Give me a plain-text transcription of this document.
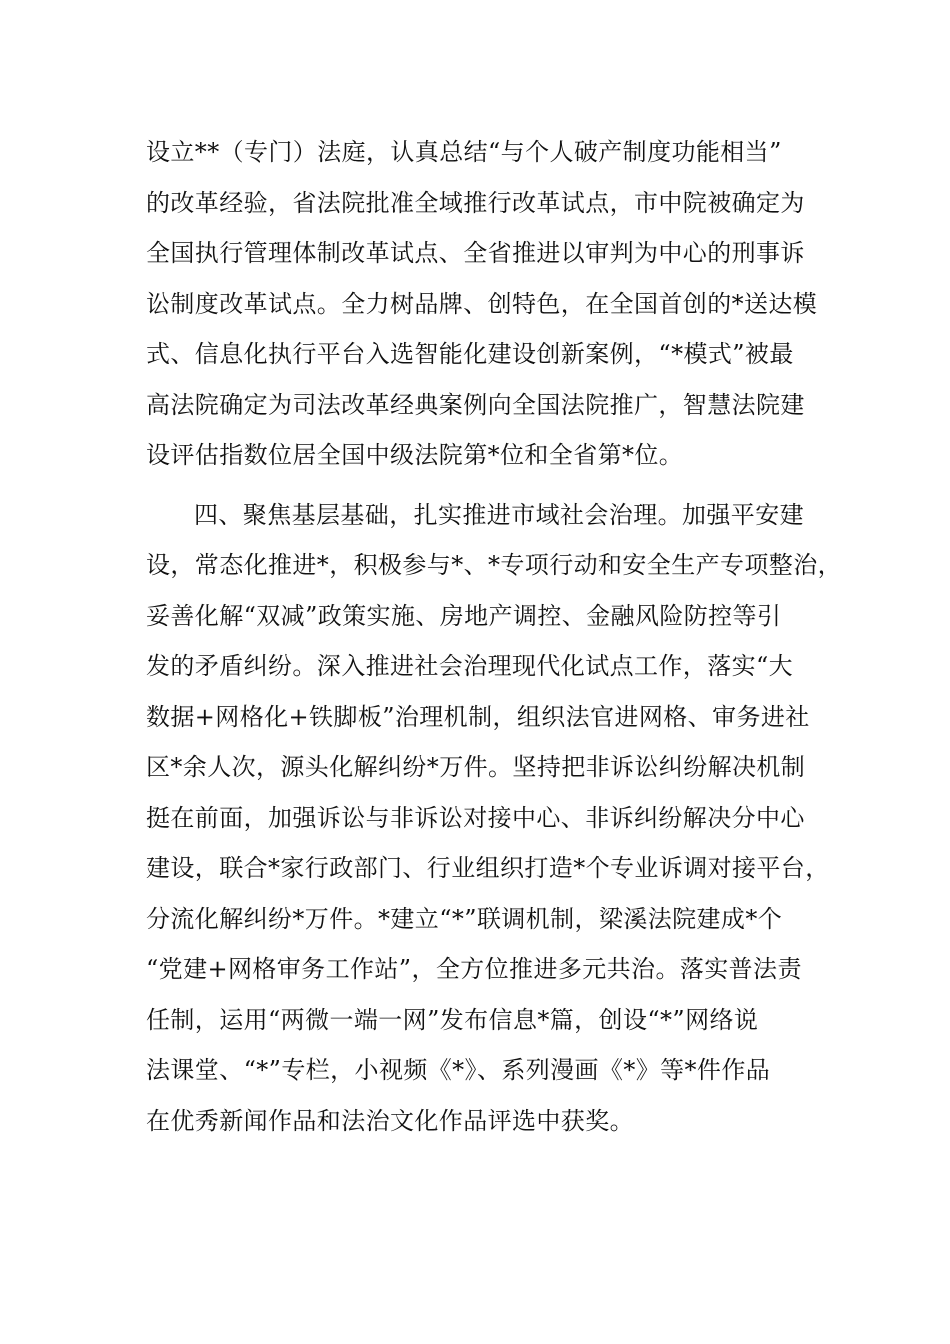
设立**（专门）法庭，认真总结“与个人破产制度功能相当”
的改革经验，省法院批准全域推行改革试点，市中院被确定为
全国执行管理体制改革试点、全省推进以审判为中心的刑事诉
讼制度改革试点。全力树品牌、创特色，在全国首创的*送达模
式、信息化执行平台入选智能化建设创新案例，“*模式”被最
高法院确定为司法改革经典案例向全国法院推广，智慧法院建
设评估指数位居全国中级法院第*位和全省第*位。
四、聚焦基层基础，扎实推进市域社会治理。加强平安建
设，常态化推进*，积极参与*、*专项行动和安全生产专项整治，
妥善化解“双减”政策实施、房地产调控、金融风险防控等引
发的矛盾纠纷。深入推进社会治理现代化试点工作，落实“大
数据+网格化+铁脚板”治理机制，组织法官进网格、审务进社
区*余人次，源头化解纠纷*万件。坚持把非诉讼纠纷解决机制
挺在前面，加强诉讼与非诉讼对接中心、非诉纠纷解决分中心
建设，联合*家行政部门、行业组织打造*个专业诉调对接平台，
分流化解纠纷*万件。*建立“*”联调机制，梁溪法院建成*个
“党建+网格审务工作站”，全方位推进多元共治。落实普法责
任制，运用“两微一端一网”发布信息*篇，创设“*”网络说
法课堂、“*”专栏，小视频《*》、系列漫画《*》等*件作品
在优秀新闻作品和法治文化作品评选中获奖。
